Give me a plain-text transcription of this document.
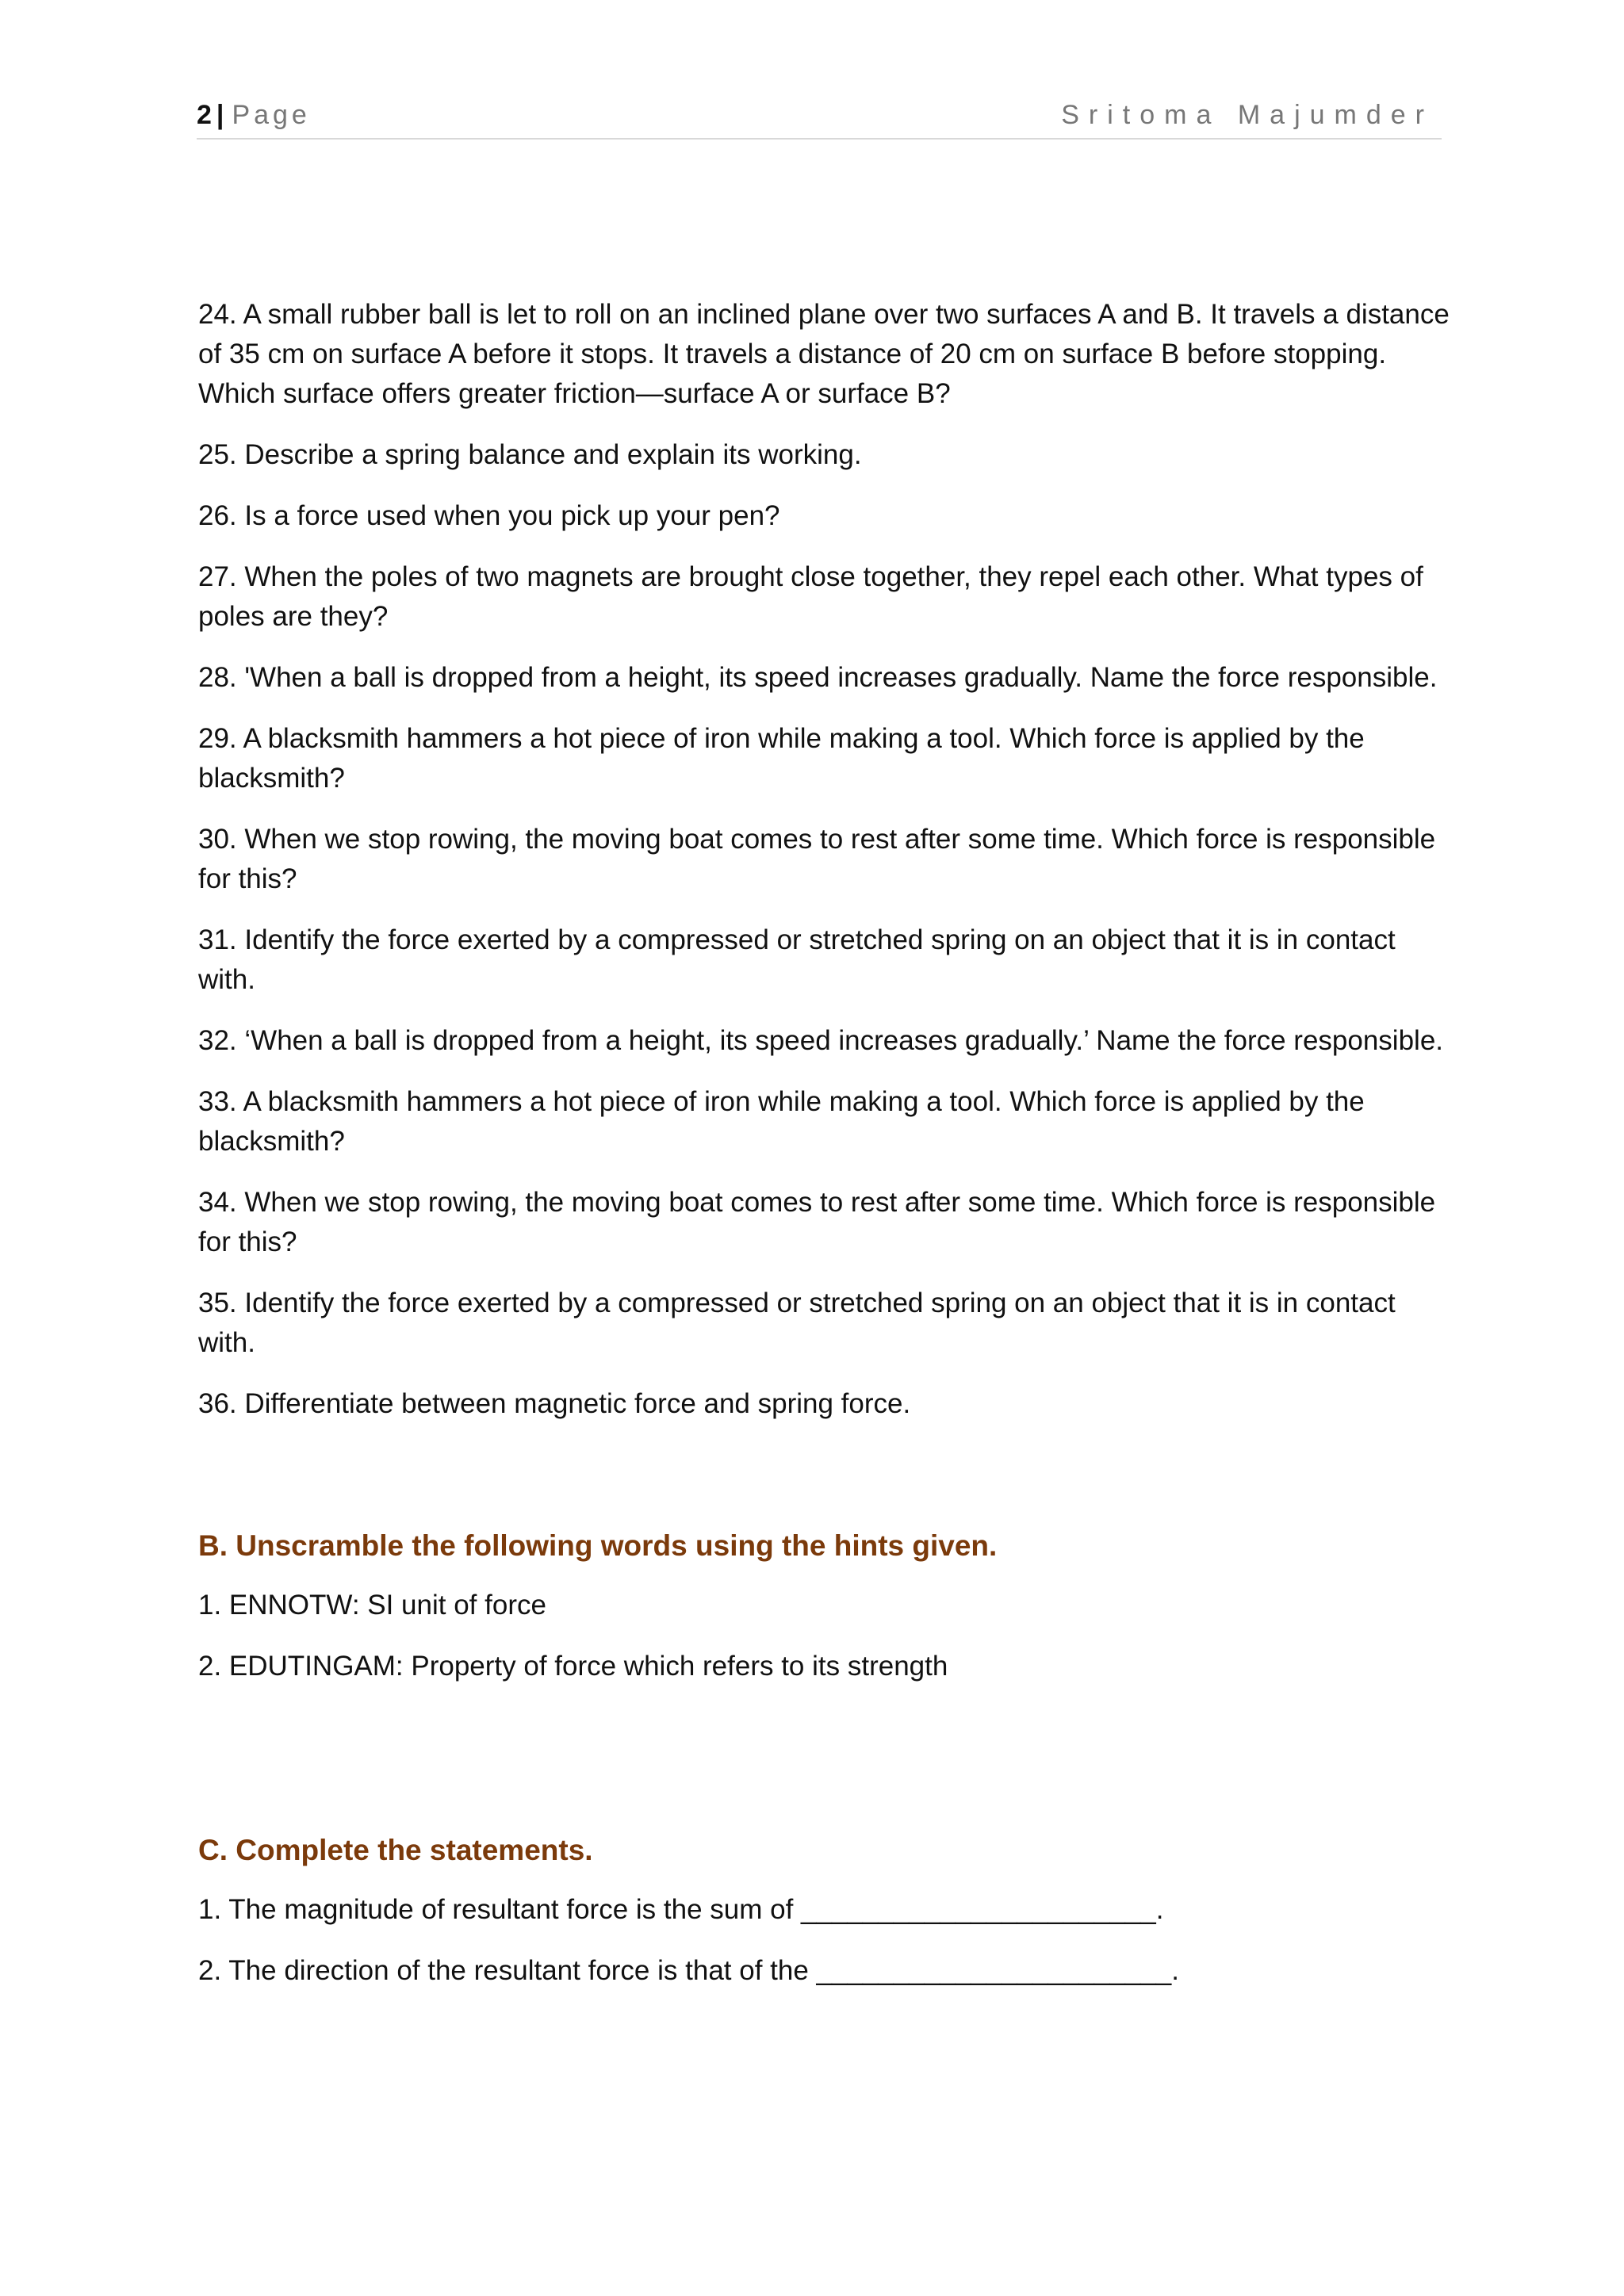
2 | Page	Sritoma Majumder
24. A small rubber ball is let to roll on an inclined plane over two surfaces A and B. It travels a distance of 35 cm on surface A before it stops. It travels a distance of 20 cm on surface B before stopping. Which surface offers greater friction—surface A or surface B?
25. Describe a spring balance and explain its working.
26. Is a force used when you pick up your pen?
27. When the poles of two magnets are brought close together, they repel each other. What types of poles are they?
28. 'When a ball is dropped from a height, its speed increases gradually. Name the force responsible.
29. A blacksmith hammers a hot piece of iron while making a tool. Which force is applied by the blacksmith?
30. When we stop rowing, the moving boat comes to rest after some time. Which force is responsible for this?
31. Identify the force exerted by a compressed or stretched spring on an object that it is in contact with.
32. ‘When a ball is dropped from a height, its speed increases gradually.’ Name the force responsible.
33. A blacksmith hammers a hot piece of iron while making a tool. Which force is applied by the blacksmith?
34. When we stop rowing, the moving boat comes to rest after some time. Which force is responsible for this?
35. Identify the force exerted by a compressed or stretched spring on an object that it is in contact with.
36. Differentiate between magnetic force and spring force.
B. Unscramble the following words using the hints given.
1. ENNOTW: SI unit of force
2. EDUTINGAM: Property of force which refers to its strength
C. Complete the statements.
1. The magnitude of resultant force is the sum of _______________________.
2. The direction of the resultant force is that of the _______________________.
